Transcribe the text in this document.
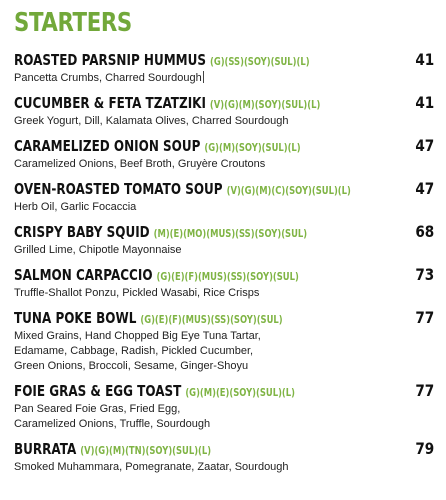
STARTERS
ROASTED PARSNIP HUMMUS (G)(SS)(SOY)(SUL)(L)	41
Pancetta Crumbs, Charred Sourdough
CUCUMBER & FETA TZATZIKI (V)(G)(M)(SOY)(SUL)(L)	41
Greek Yogurt, Dill, Kalamata Olives, Charred Sourdough
CARAMELIZED ONION SOUP (G)(M)(SOY)(SUL)(L)	47
Caramelized Onions, Beef Broth, Gruyère Croutons
OVEN-ROASTED TOMATO SOUP (V)(G)(M)(C)(SOY)(SUL)(L)	47
Herb Oil, Garlic Focaccia
CRISPY BABY SQUID (M)(E)(MO)(MUS)(SS)(SOY)(SUL)	68
Grilled Lime, Chipotle Mayonnaise
SALMON CARPACCIO (G)(E)(F)(MUS)(SS)(SOY)(SUL)	73
Truffle-Shallot Ponzu, Pickled Wasabi, Rice Crisps
TUNA POKE BOWL (G)(E)(F)(MUS)(SS)(SOY)(SUL)	77
Mixed Grains, Hand Chopped Big Eye Tuna Tartar,
Edamame, Cabbage, Radish, Pickled Cucumber,
Green Onions, Broccoli, Sesame, Ginger-Shoyu
FOIE GRAS & EGG TOAST (G)(M)(E)(SOY)(SUL)(L)	77
Pan Seared Foie Gras, Fried Egg,
Caramelized Onions, Truffle, Sourdough
BURRATA (V)(G)(M)(TN)(SOY)(SUL)(L)	79
Smoked Muhammara, Pomegranate, Zaatar, Sourdough
